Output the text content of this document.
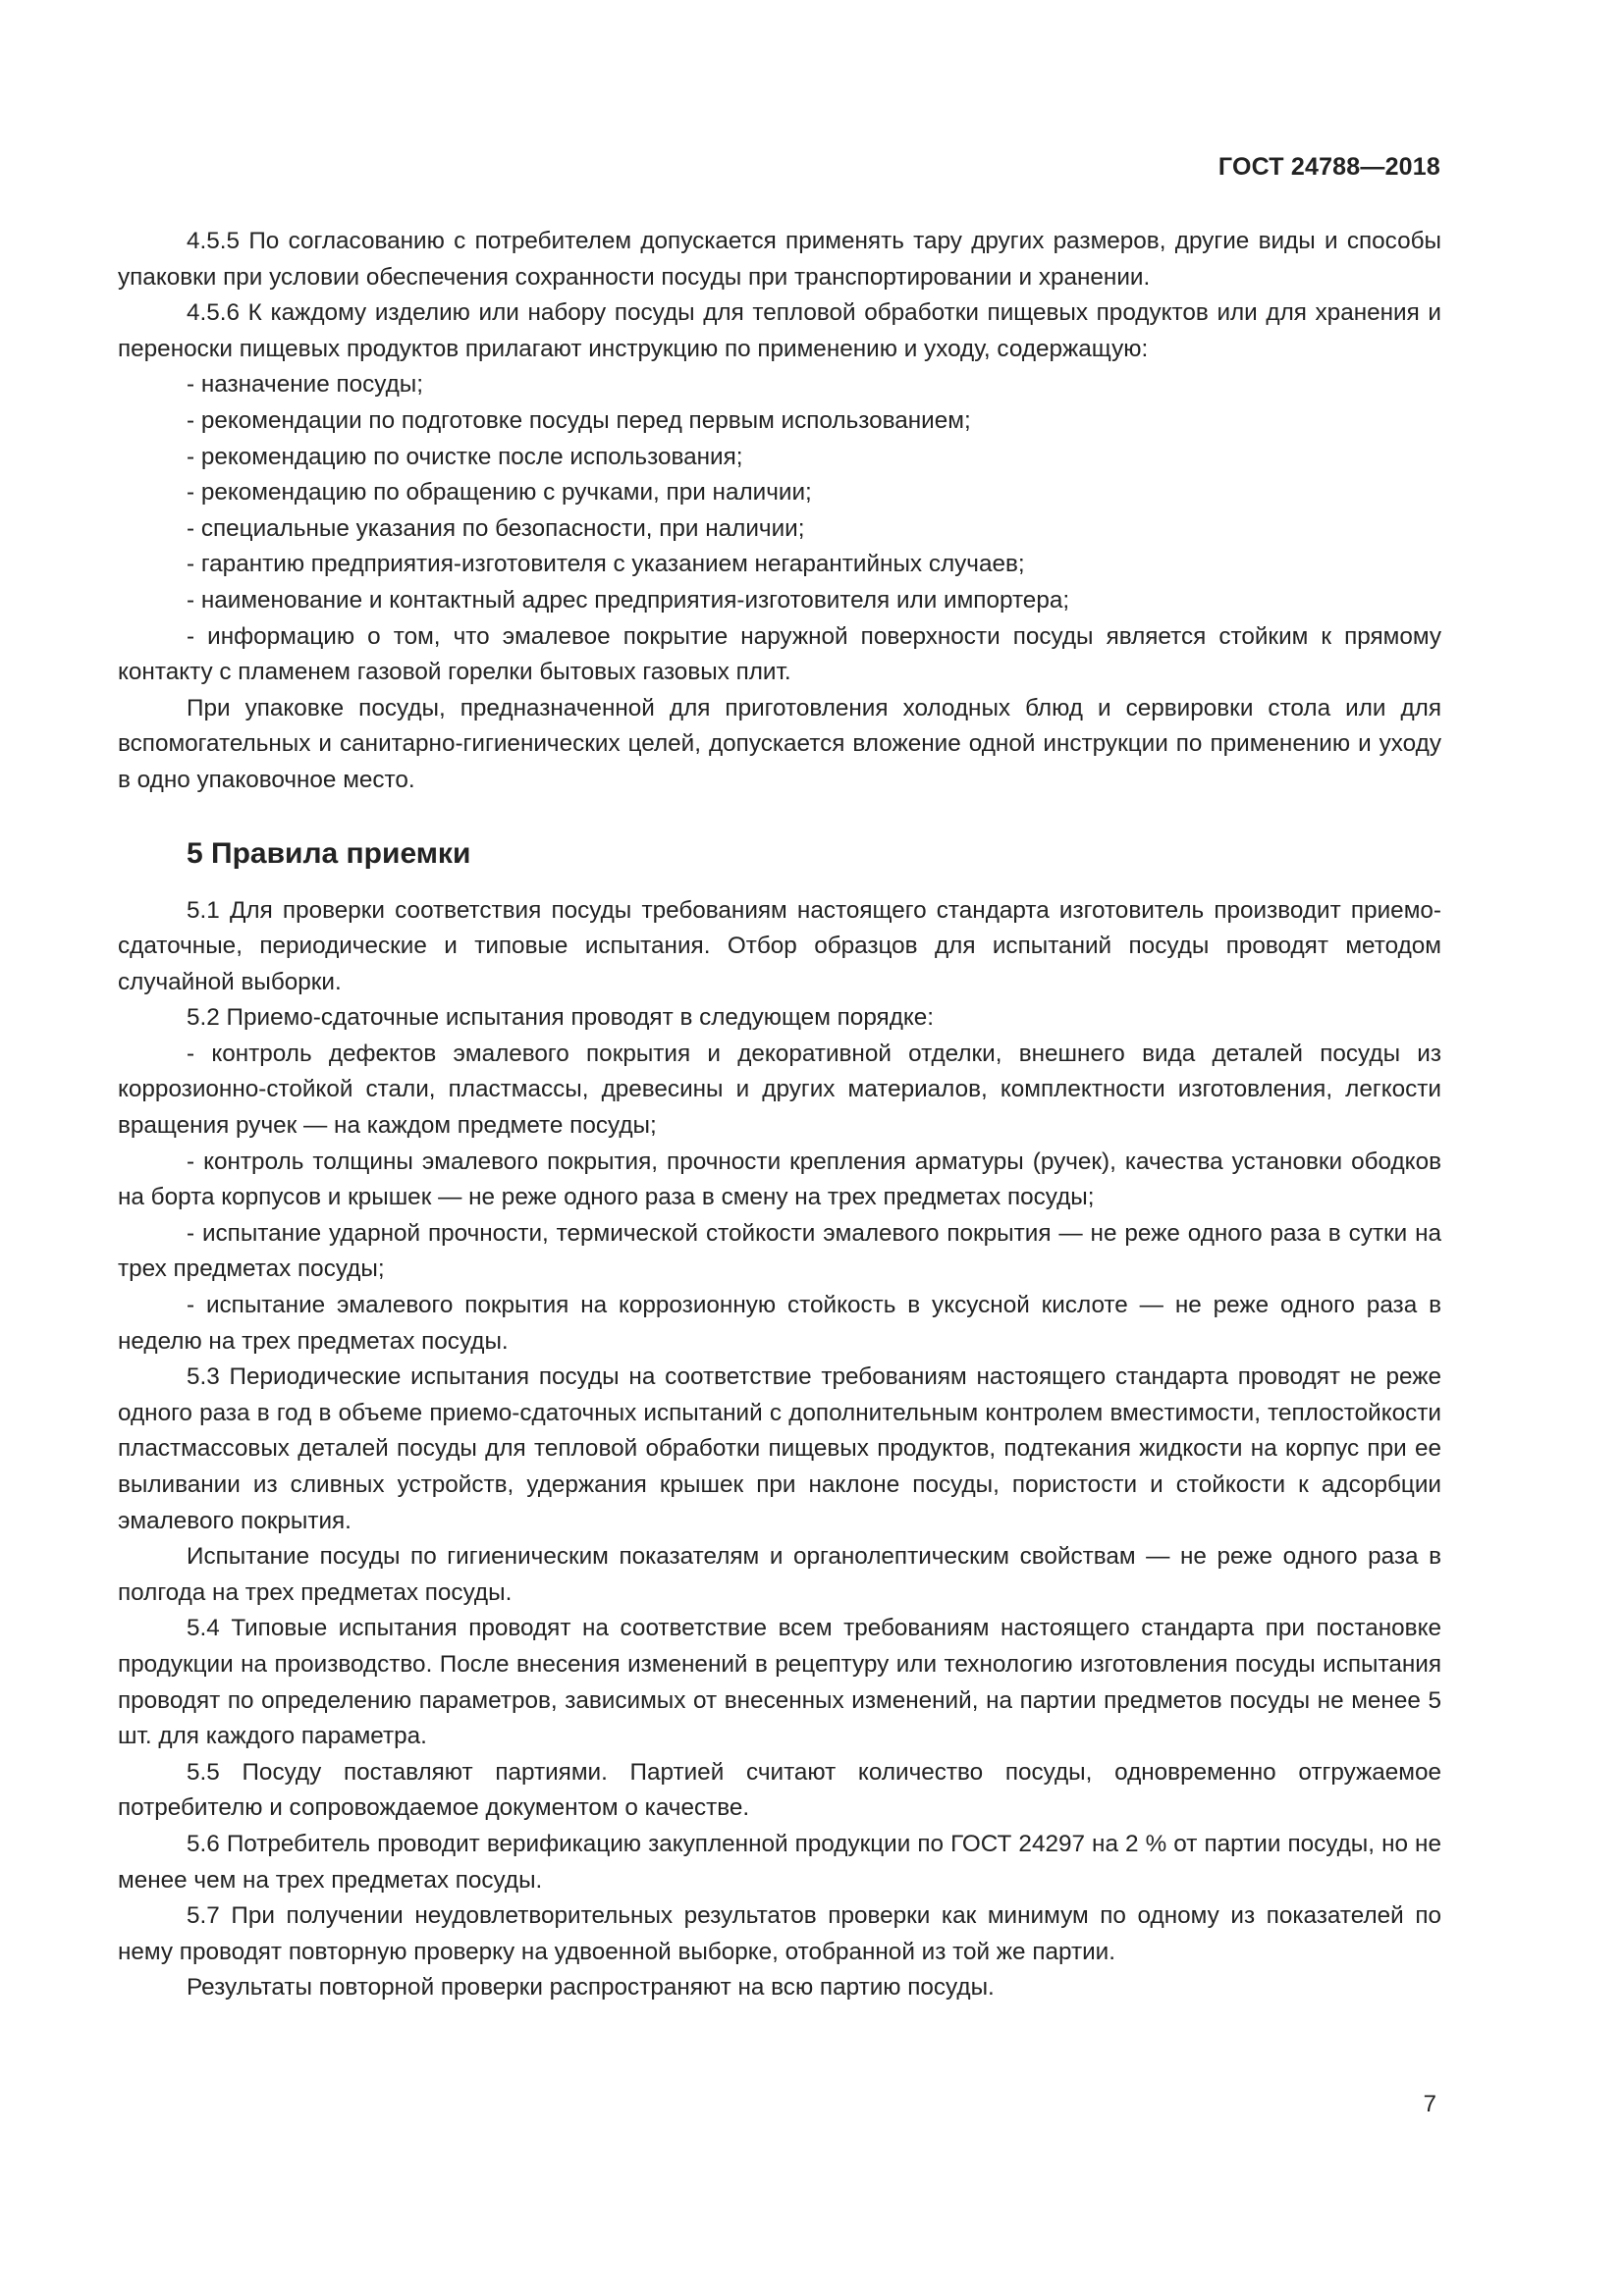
ГОСТ 24788—2018

4.5.5 По согласованию с потребителем допускается применять тару других размеров, другие виды и способы упаковки при условии обеспечения сохранности посуды при транспортировании и хранении.

4.5.6 К каждому изделию или набору посуды для тепловой обработки пищевых продуктов или для хранения и переноски пищевых продуктов прилагают инструкцию по применению и уходу, содержащую:

- назначение посуды;

- рекомендации по подготовке посуды перед первым использованием;

- рекомендацию по очистке после использования;

- рекомендацию по обращению с ручками, при наличии;

- специальные указания по безопасности, при наличии;

- гарантию предприятия-изготовителя с указанием негарантийных случаев;

- наименование и контактный адрес предприятия-изготовителя или импортера;

- информацию о том, что эмалевое покрытие наружной поверхности посуды является стойким к прямому контакту с пламенем газовой горелки бытовых газовых плит.

При упаковке посуды, предназначенной для приготовления холодных блюд и сервировки стола или для вспомогательных и санитарно-гигиенических целей, допускается вложение одной инструкции по применению и уходу в одно упаковочное место.

5 Правила приемки

5.1 Для проверки соответствия посуды требованиям настоящего стандарта изготовитель производит приемо-сдаточные, периодические и типовые испытания. Отбор образцов для испытаний посуды проводят методом случайной выборки.

5.2 Приемо-сдаточные испытания проводят в следующем порядке:

- контроль дефектов эмалевого покрытия и декоративной отделки, внешнего вида деталей посуды из коррозионно-стойкой стали, пластмассы, древесины и других материалов, комплектности изготовления, легкости вращения ручек — на каждом предмете посуды;

- контроль толщины эмалевого покрытия, прочности крепления арматуры (ручек), качества установки ободков на борта корпусов и крышек — не реже одного раза в смену на трех предметах посуды;

- испытание ударной прочности, термической стойкости эмалевого покрытия — не реже одного раза в сутки на трех предметах посуды;

- испытание эмалевого покрытия на коррозионную стойкость в уксусной кислоте — не реже одного раза в неделю на трех предметах посуды.

5.3 Периодические испытания посуды на соответствие требованиям настоящего стандарта проводят не реже одного раза в год в объеме приемо-сдаточных испытаний с дополнительным контролем вместимости, теплостойкости пластмассовых деталей посуды для тепловой обработки пищевых продуктов, подтекания жидкости на корпус при ее выливании из сливных устройств, удержания крышек при наклоне посуды, пористости и стойкости к адсорбции эмалевого покрытия.

Испытание посуды по гигиеническим показателям и органолептическим свойствам — не реже одного раза в полгода на трех предметах посуды.

5.4 Типовые испытания проводят на соответствие всем требованиям настоящего стандарта при постановке продукции на производство. После внесения изменений в рецептуру или технологию изготовления посуды испытания проводят по определению параметров, зависимых от внесенных изменений, на партии предметов посуды не менее 5 шт. для каждого параметра.

5.5 Посуду поставляют партиями. Партией считают количество посуды, одновременно отгружаемое потребителю и сопровождаемое документом о качестве.

5.6 Потребитель проводит верификацию закупленной продукции по ГОСТ 24297 на 2 % от партии посуды, но не менее чем на трех предметах посуды.

5.7 При получении неудовлетворительных результатов проверки как минимум по одному из показателей по нему проводят повторную проверку на удвоенной выборке, отобранной из той же партии.

Результаты повторной проверки распространяют на всю партию посуды.

7
